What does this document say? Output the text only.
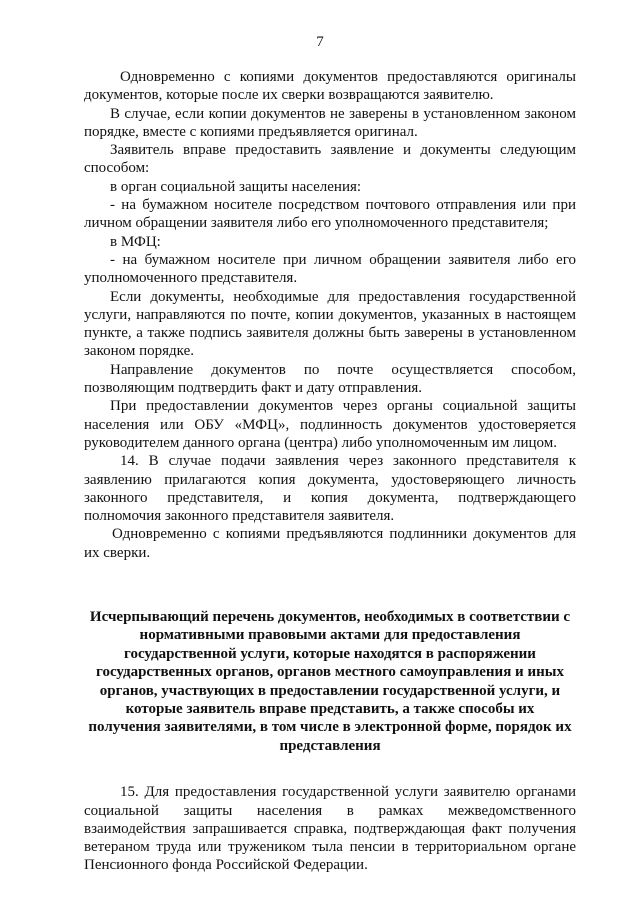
7

Одновременно с копиями документов предоставляются оригиналы документов, которые после их сверки возвращаются заявителю.

В случае, если копии документов не заверены в установленном законом порядке, вместе с копиями предъявляется оригинал.

Заявитель вправе предоставить заявление и документы следующим способом:

в орган социальной защиты населения:

- на бумажном носителе посредством почтового отправления или при личном обращении заявителя либо его уполномоченного представителя;

в МФЦ:

- на бумажном носителе при личном обращении заявителя либо его уполномоченного представителя.

Если документы, необходимые для предоставления государственной услуги, направляются по почте, копии документов, указанных в настоящем пункте, а также подпись заявителя должны быть заверены в установленном законом порядке.

Направление документов по почте осуществляется способом, позволяющим подтвердить факт и дату отправления.

При предоставлении документов через органы социальной защиты населения или ОБУ «МФЦ», подлинность документов удостоверяется руководителем данного органа (центра) либо уполномоченным им лицом.

14. В случае подачи заявления через законного представителя к заявлению прилагаются копия документа, удостоверяющего личность законного представителя, и копия документа, подтверждающего полномочия законного представителя заявителя.

Одновременно с копиями предъявляются подлинники документов для их сверки.

Исчерпывающий перечень документов, необходимых в соответствии с нормативными правовыми актами для предоставления государственной услуги, которые находятся в распоряжении государственных органов, органов местного самоуправления и иных органов, участвующих в предоставлении государственной услуги, и которые заявитель вправе представить, а также способы их получения заявителями, в том числе в электронной форме, порядок их представления

15. Для предоставления государственной услуги заявителю органами социальной защиты населения в рамках межведомственного взаимодействия запрашивается справка, подтверждающая факт получения ветераном труда или тружеником тыла пенсии в территориальном органе Пенсионного фонда Российской Федерации.
